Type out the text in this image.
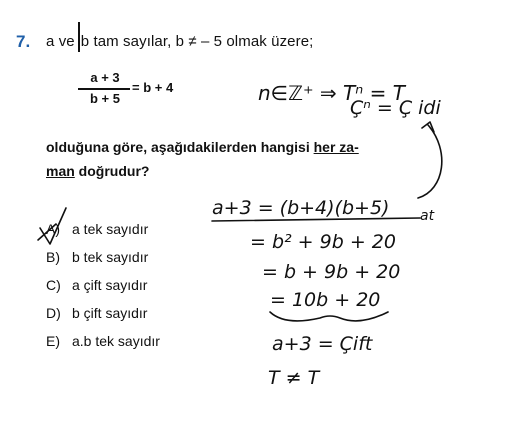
7. a ve b tam sayılar, b ≠ – 5 olmak üzere;
a + 3
b + 5
= b + 4
olduğuna göre, aşağıdakilerden hangisi her za-
man doğrudur?
A) a tek sayıdır
B) b tek sayıdır
C) a çift sayıdır
D) b çift sayıdır
E) a.b tek sayıdır
n∈ℤ⁺ ⇒ Tⁿ = T
Çⁿ = Ç idi
a+3 = (b+4)(b+5) at
= b² + 9b + 20
= b + 9b + 20
= 10b + 20
a+3 = Çift
T ≠ T
